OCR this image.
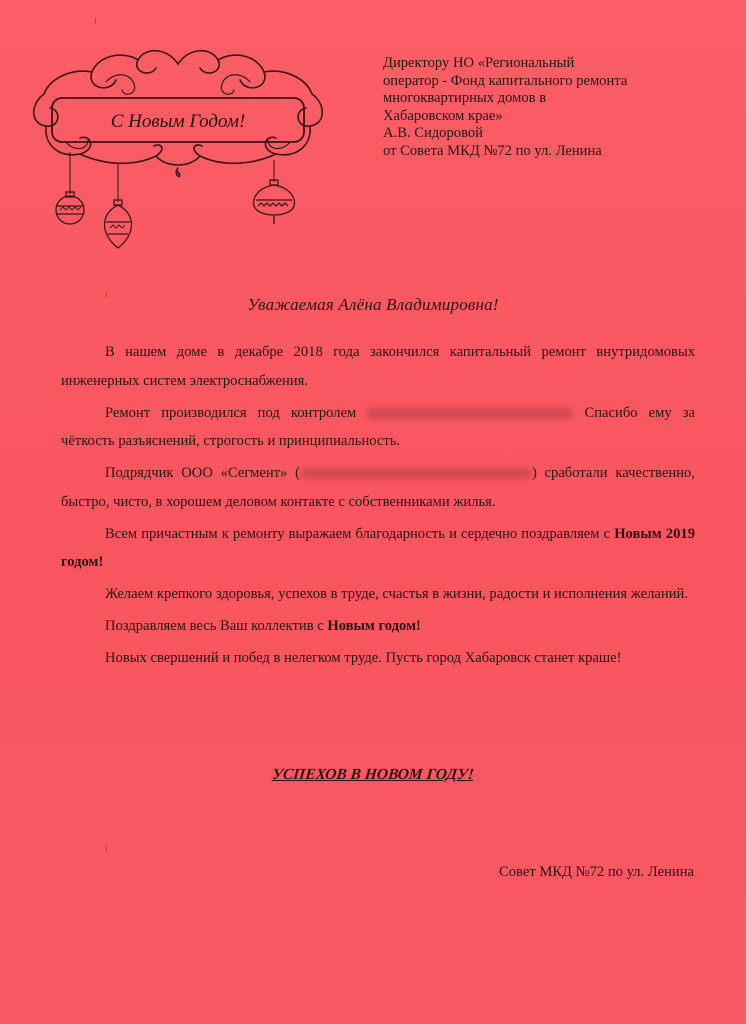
С Новым Годом!
Директору НО «Региональный
оператор - Фонд капитального ремонта
многоквартирных домов в
Хабаровском крае»
А.В. Сидоровой
от Совета МКД №72 по ул. Ленина
Уважаемая Алёна Владимировна!

В нашем доме в декабре 2018 года закончился капитальный ремонт внутридомовых инженерных систем электроснабжения.

Ремонт производился под контролем	Спасибо ему за чёткость разъяснений, строгость и принципиальность.

Подрядчик ООО «Сегмент» (	) сработали качественно, быстро, чисто, в хорошем деловом контакте с собственниками жилья.

Всем причастным к ремонту выражаем благодарность и сердечно поздравляем с Новым 2019 годом!

Желаем крепкого здоровья, успехов в труде, счастья в жизни, радости и исполнения желаний.

Поздравляем весь Ваш коллектив с Новым годом!

Новых свершений и побед в нелегком труде. Пусть город Хабаровск станет краше!

УСПЕХОВ В НОВОМ ГОДУ!
Совет МКД №72 по ул. Ленина
